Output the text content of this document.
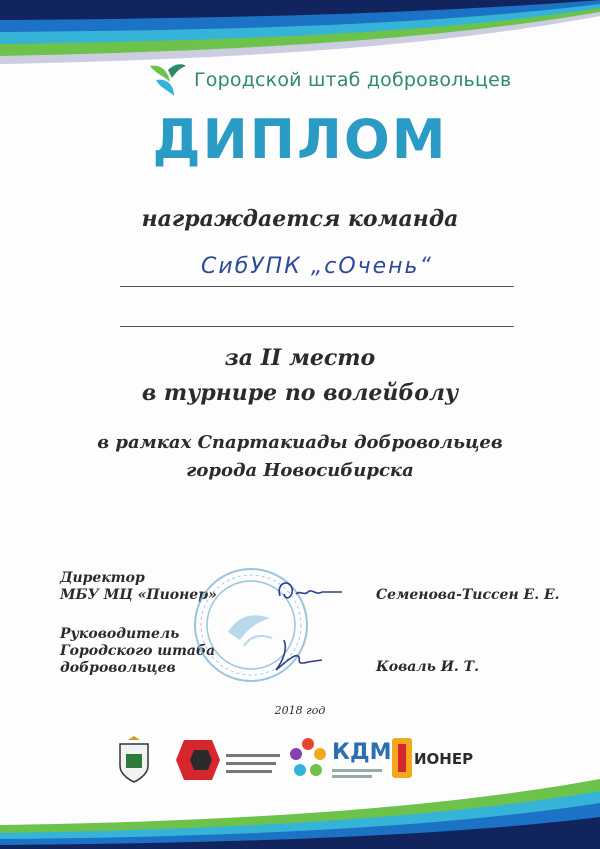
Городской штаб добровольцев
ДИПЛОМ
награждается команда
СибУПК „сОчень“
за II место
в турнире по волейболу
в рамках Спартакиады добровольцев
города Новосибирска
Директор
МБУ МЦ «Пионер»	Семенова-Тиссен Е. Е.
Руководитель
Городского штаба
добровольцев	Коваль И. Т.
2018 год
КДМ ИОНЕР
